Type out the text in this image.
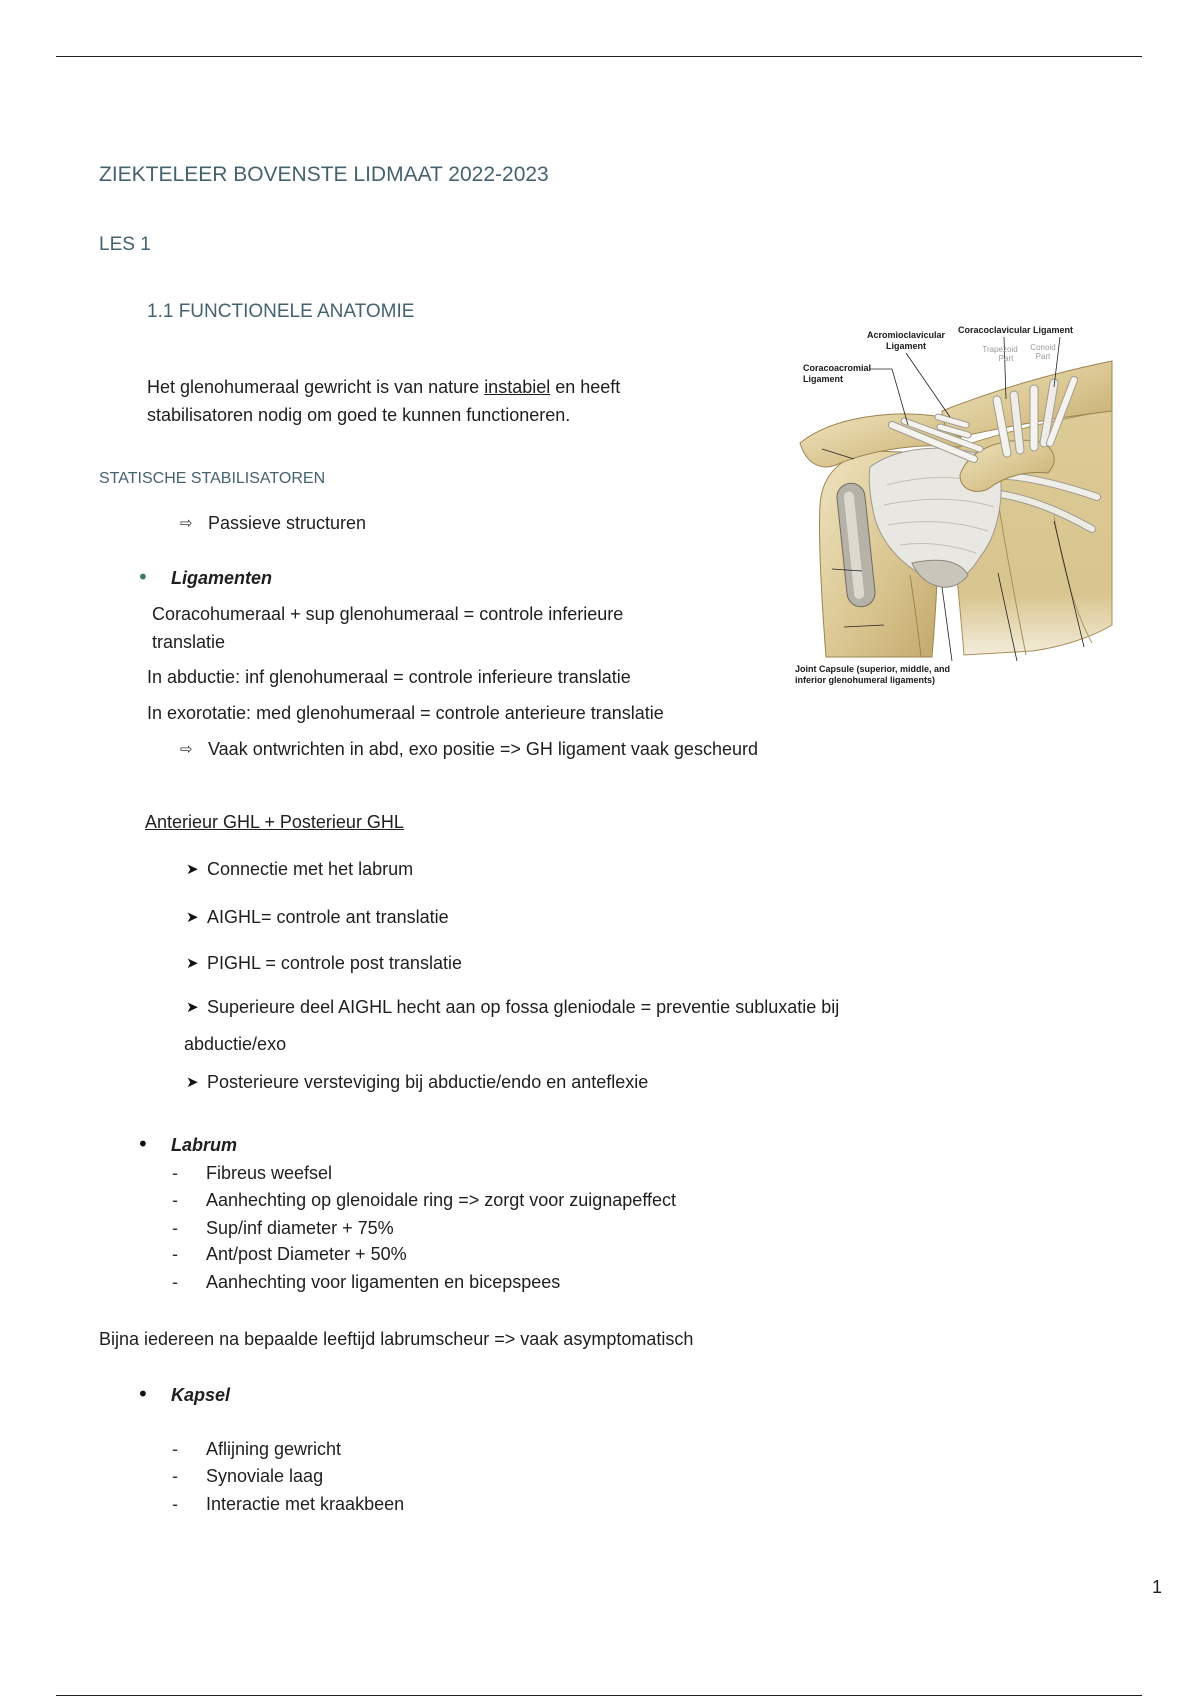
ZIEKTELEER BOVENSTE LIDMAAT 2022-2023
LES 1
1.1 FUNCTIONELE ANATOMIE
Het glenohumeraal gewricht is van nature instabiel en heeft
stabilisatoren nodig om goed te kunnen functioneren.
STATISCHE STABILISATOREN
⇨ Passieve structuren
• Ligamenten
Coracohumeraal + sup glenohumeraal = controle inferieure
translatie
In abductie: inf glenohumeraal = controle inferieure translatie
In exorotatie: med glenohumeraal = controle anterieure translatie
⇨ Vaak ontwrichten in abd, exo positie => GH ligament vaak gescheurd
Anterieur GHL + Posterieur GHL
➤ Connectie met het labrum
➤ AIGHL= controle ant translatie
➤ PIGHL = controle post translatie
➤ Superieure deel AIGHL hecht aan op fossa gleniodale = preventie subluxatie bij
abductie/exo
➤ Posterieure versteviging bij abductie/endo en anteflexie
• Labrum
- Fibreus weefsel
- Aanhechting op glenoidale ring => zorgt voor zuignapeffect
- Sup/inf diameter + 75%
- Ant/post Diameter + 50%
- Aanhechting voor ligamenten en bicepspees
Bijna iedereen na bepaalde leeftijd labrumscheur => vaak asymptomatisch
• Kapsel
- Aflijning gewricht
- Synoviale laag
- Interactie met kraakbeen
1
Acromioclavicular
Ligament
Coracoclavicular Ligament
Trapezoid
Part
Conoid
Part
Coracoacromial
Ligament
Joint Capsule (superior, middle, and
inferior glenohumeral ligaments)
